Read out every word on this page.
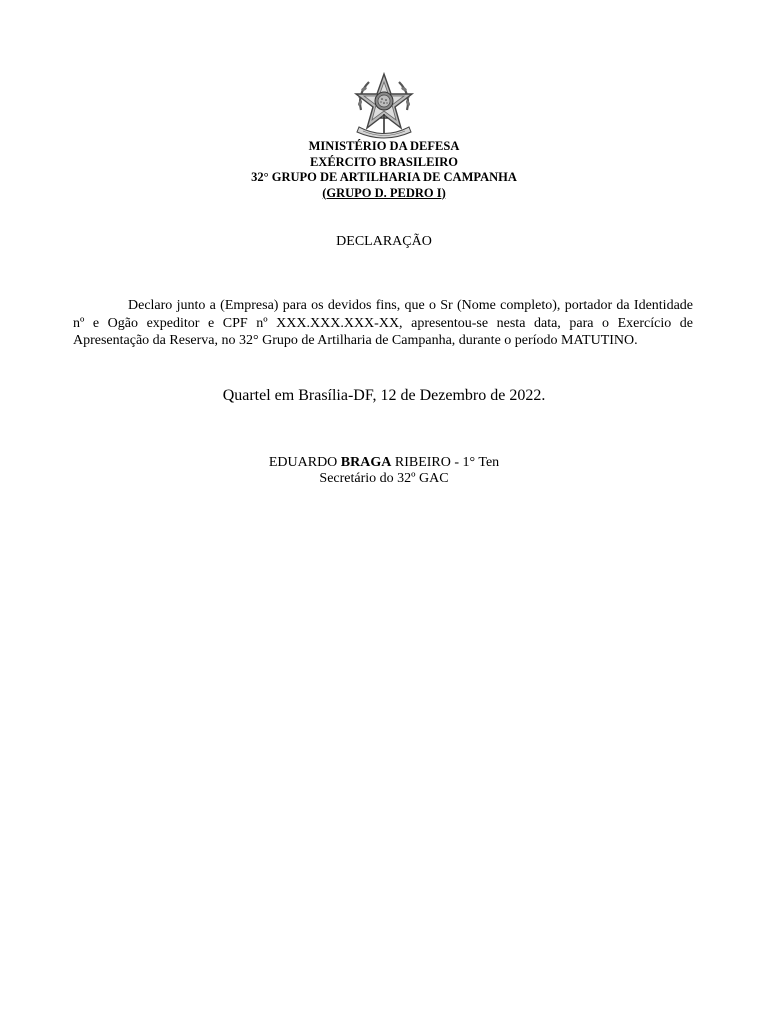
MINISTÉRIO DA DEFESA
EXÉRCITO BRASILEIRO
32° GRUPO DE ARTILHARIA DE CAMPANHA
(GRUPO D. PEDRO I)
DECLARAÇÃO

Declaro junto a (Empresa) para os devidos fins, que o Sr (Nome completo), portador da Identidade nº e Ogão expeditor e CPF nº XXX.XXX.XXX-XX, apresentou-se nesta data, para o Exercício de Apresentação da Reserva, no 32° Grupo de Artilharia de Campanha, durante o período MATUTINO.

Quartel em Brasília-DF, 12 de Dezembro de 2022.
EDUARDO BRAGA RIBEIRO - 1° Ten
Secretário do 32º GAC
